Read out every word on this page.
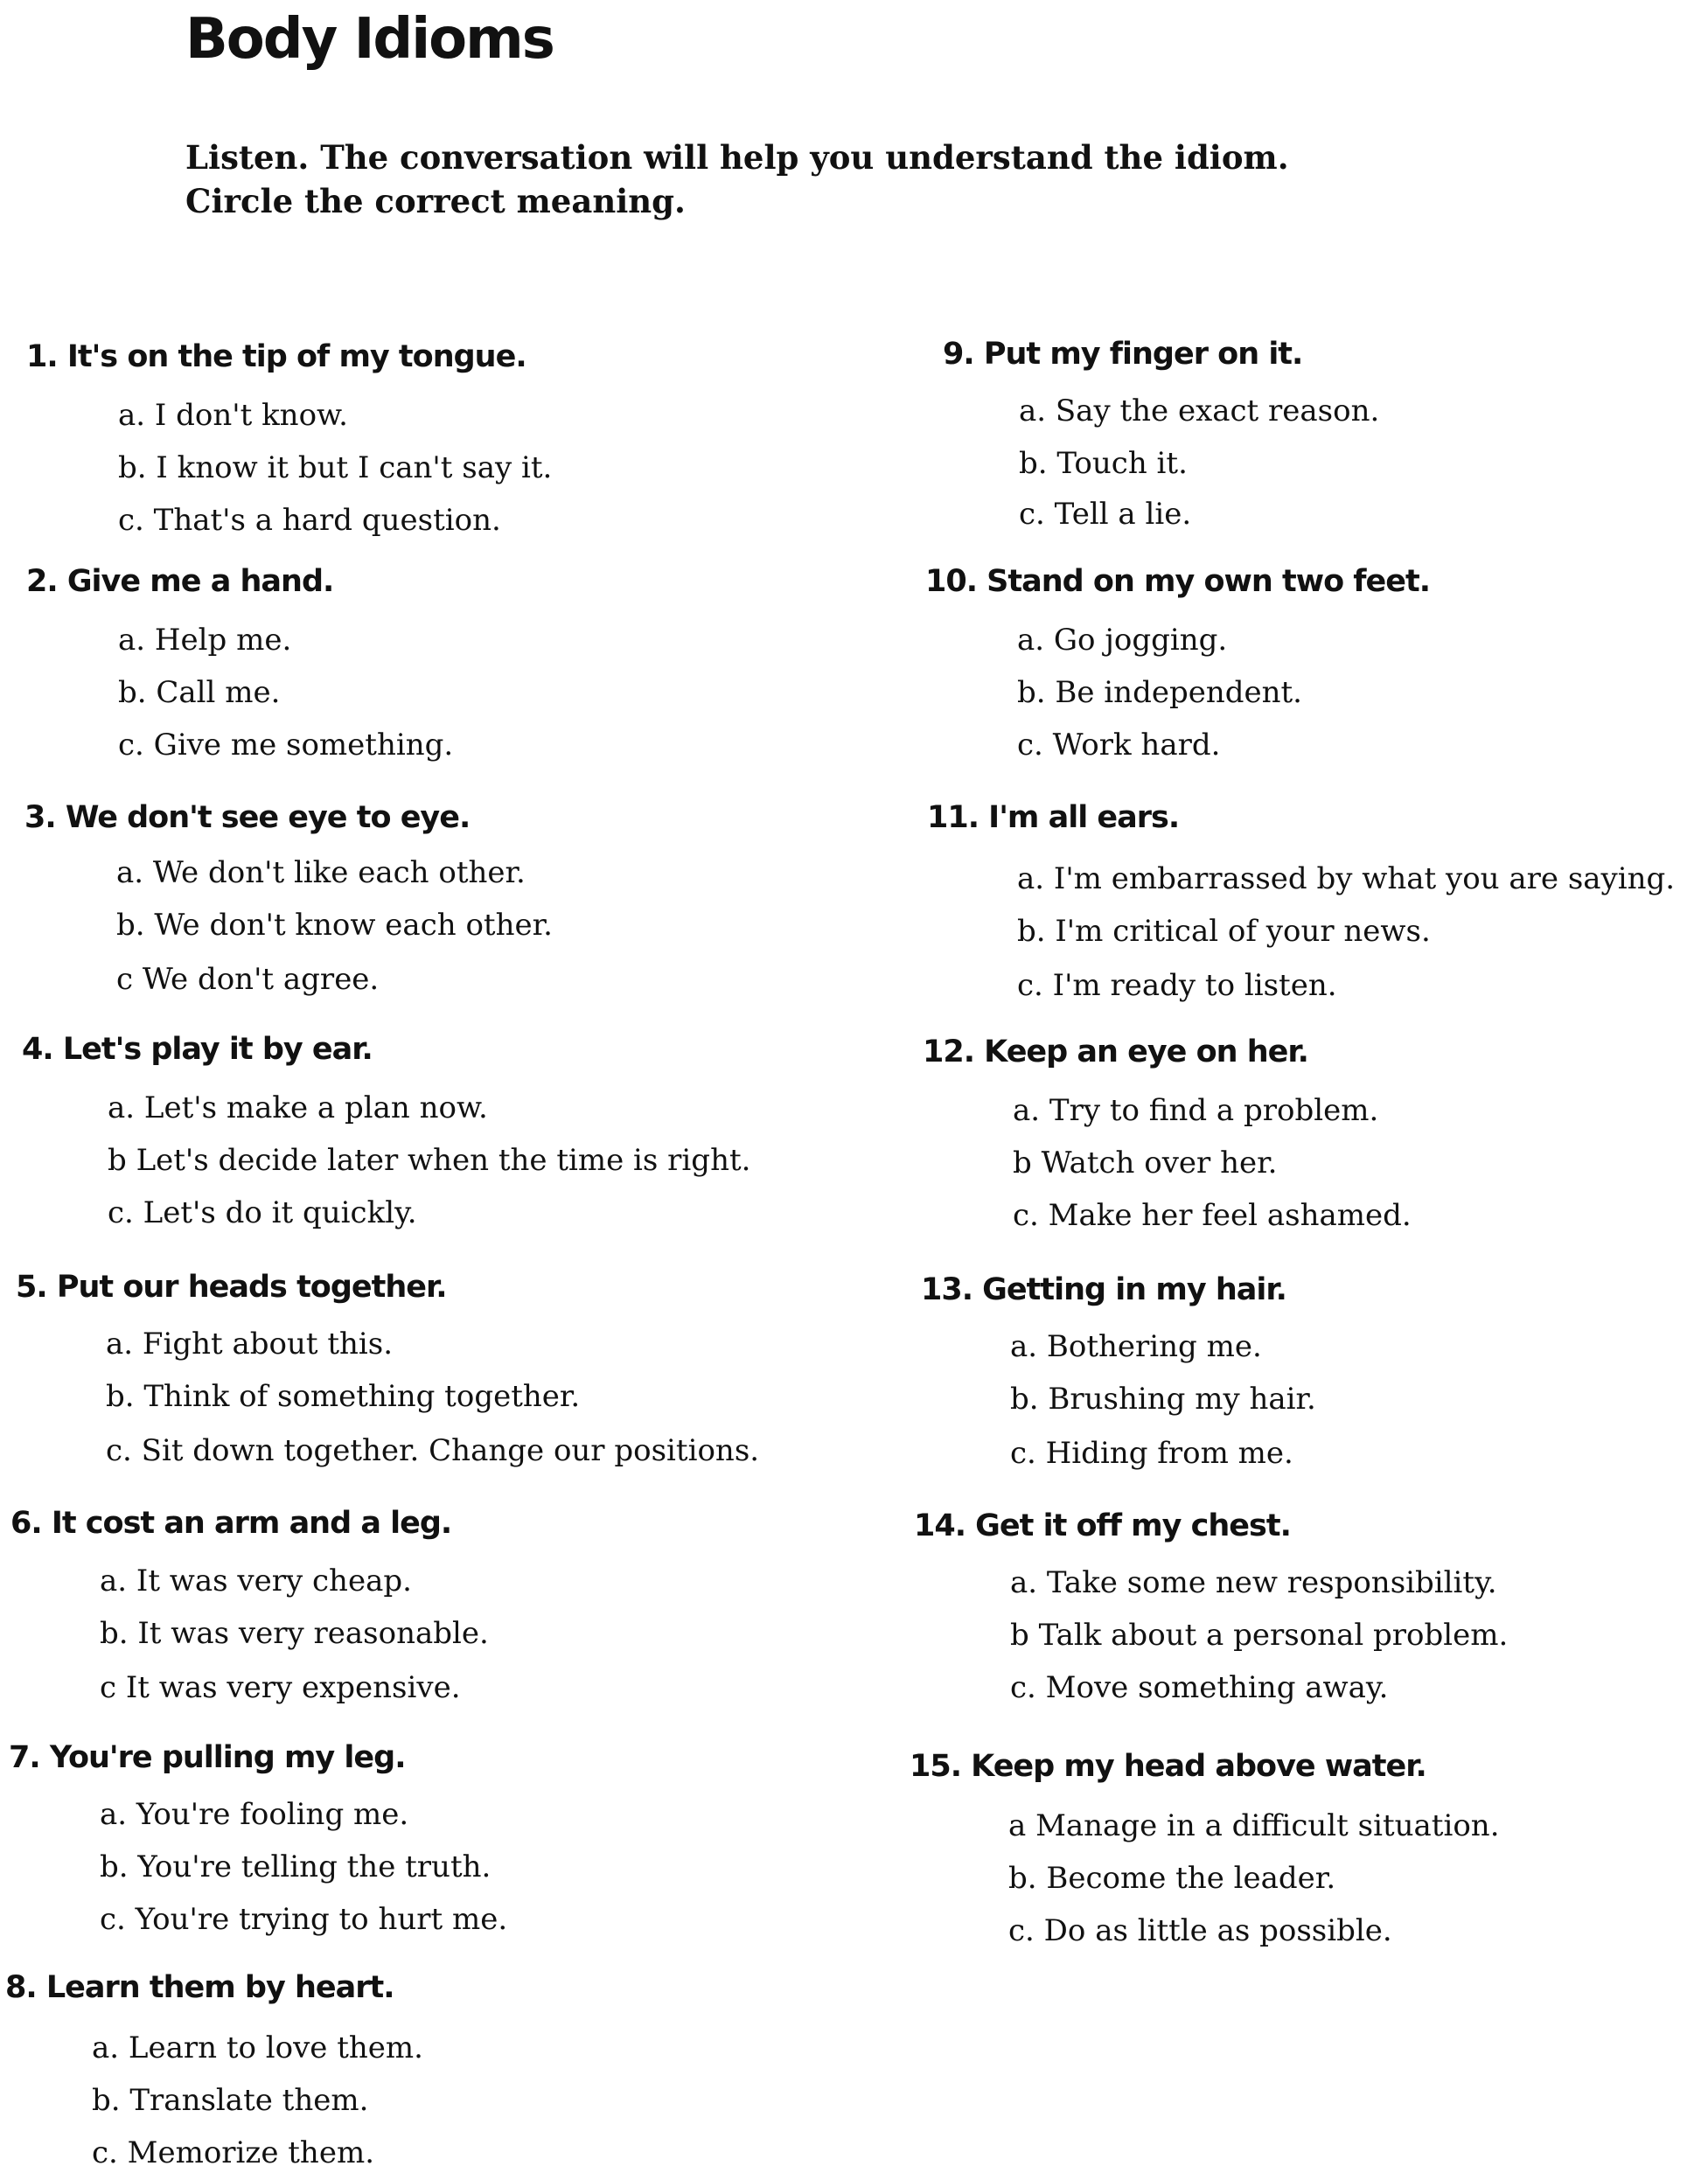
Body Idioms

Listen. The conversation will help you understand the idiom.

Circle the correct meaning.

1. It's on the tip of my tongue.
a. I don't know.
b. I know it but I can't say it.
c. That's a hard question.
2. Give me a hand.
a. Help me.
b. Call me.
c. Give me something.
3. We don't see eye to eye.
a. We don't like each other.
b. We don't know each other.
c We don't agree.
4. Let's play it by ear.
a. Let's make a plan now.
b Let's decide later when the time is right.
c. Let's do it quickly.
5. Put our heads together.
a. Fight about this.
b. Think of something together.
c. Sit down together. Change our positions.
6. It cost an arm and a leg.
a. It was very cheap.
b. It was very reasonable.
c It was very expensive.
7. You're pulling my leg.
a. You're fooling me.
b. You're telling the truth.
c. You're trying to hurt me.
8. Learn them by heart.
a. Learn to love them.
b. Translate them.
c. Memorize them.
9. Put my finger on it.
a. Say the exact reason.
b. Touch it.
c. Tell a lie.
10. Stand on my own two feet.
a. Go jogging.
b. Be independent.
c. Work hard.
11. I'm all ears.
a. I'm embarrassed by what you are saying.
b. I'm critical of your news.
c. I'm ready to listen.
12. Keep an eye on her.
a. Try to find a problem.
b Watch over her.
c. Make her feel ashamed.
13. Getting in my hair.
a. Bothering me.
b. Brushing my hair.
c. Hiding from me.
14. Get it off my chest.
a. Take some new responsibility.
b Talk about a personal problem.
c. Move something away.
15. Keep my head above water.
a Manage in a difficult situation.
b. Become the leader.
c. Do as little as possible.
